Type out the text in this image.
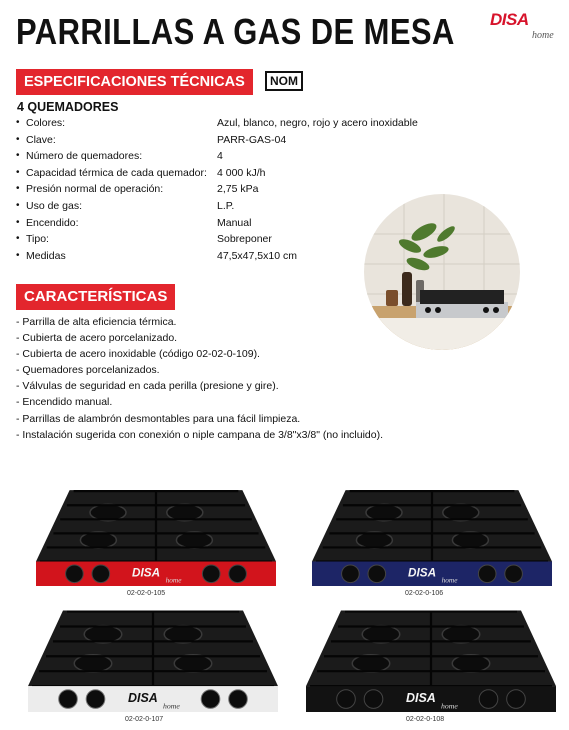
PARRILLAS A GAS DE MESA DISA
home
ESPECIFICACIONES TÉCNICAS	NOM
4 QUEMADORES
• Colores:	Azul, blanco, negro, rojo y acero inoxidable
• Clave:	PARR-GAS-04
• Número de quemadores:	4
• Capacidad térmica de cada quemador: 4 000 kJ/h
• Presión normal de operación:	2,75 kPa
• Uso de gas:	L.P.
• Encendido:	Manual
• Tipo:	Sobreponer
• Medidas	47,5x47,5x10 cm
CARACTERÍSTICAS
- Parrilla de alta eficiencia térmica.
- Cubierta de acero porcelanizado.
- Cubierta de acero inoxidable (código 02-02-0-109).
- Quemadores porcelanizados.
- Válvulas de seguridad en cada perilla (presione y gire).
- Encendido manual.
- Parrillas de alambrón desmontables para una fácil limpieza.
- Instalación sugerida con conexión o niple campana de 3/8"x3/8" (no incluido).
DISA
home
02-02-0-105
DISA
home
02-02-0-106
DISA
home
02-02-0-107
DISA
home
02-02-0-108
